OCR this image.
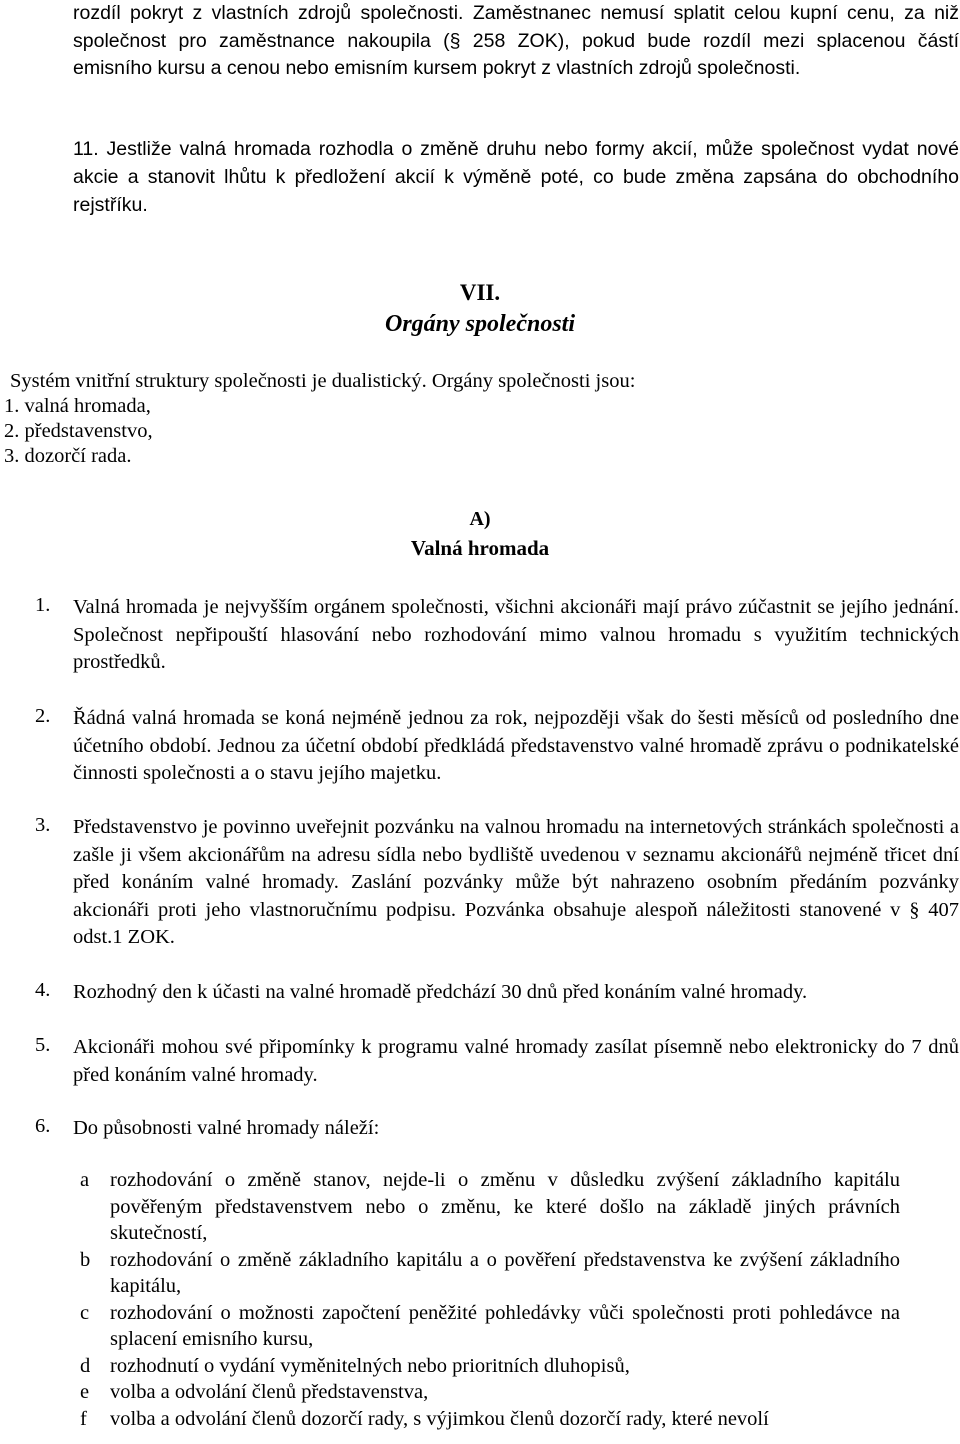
rozdíl pokryt z vlastních zdrojů společnosti. Zaměstnanec nemusí splatit celou kupní cenu, za niž společnost pro zaměstnance nakoupila (§ 258 ZOK), pokud bude rozdíl mezi splacenou částí emisního kursu a cenou nebo emisním kursem pokryt z vlastních zdrojů společnosti.
11. Jestliže valná hromada rozhodla o změně druhu nebo formy akcií, může společnost vydat nové akcie a stanovit lhůtu k předložení akcií k výměně poté, co bude změna zapsána do obchodního rejstříku.
VII.
Orgány společnosti
Systém vnitřní struktury společnosti je dualistický. Orgány společnosti jsou:
1. valná hromada,
2. představenstvo,
3. dozorčí rada.
A)
Valná hromada
1.	Valná hromada je nejvyšším orgánem společnosti, všichni akcionáři mají právo zúčastnit se jejího jednání. Společnost nepřipouští hlasování nebo rozhodování mimo valnou hromadu s využitím technických prostředků.
2.	Řádná valná hromada se koná nejméně jednou za rok, nejpozději však do šesti měsíců od posledního dne účetního období. Jednou za účetní období předkládá představenstvo valné hromadě zprávu o podnikatelské činnosti společnosti a o stavu jejího majetku.
3.	Představenstvo je povinno uveřejnit pozvánku na valnou hromadu na internetových stránkách společnosti a zašle ji všem akcionářům na adresu sídla nebo bydliště uvedenou v seznamu akcionářů nejméně třicet dní před konáním valné hromady. Zaslání pozvánky může být nahrazeno osobním předáním pozvánky akcionáři proti jeho vlastnoručnímu podpisu. Pozvánka obsahuje alespoň náležitosti stanovené v § 407 odst.1 ZOK.
4.	Rozhodný den k účasti na valné hromadě předchází 30 dnů před konáním valné hromady.
5.	Akcionáři mohou své připomínky k programu valné hromady zasílat písemně nebo elektronicky do 7 dnů před konáním valné hromady.
6.	Do působnosti valné hromady náleží:
a	rozhodování o změně stanov, nejde-li o změnu v důsledku zvýšení základního kapitálu pověřeným představenstvem nebo o změnu, ke které došlo na základě jiných právních skutečností,
b rozhodování o změně základního kapitálu a o pověření představenstva ke zvýšení základního kapitálu,
c	rozhodování o možnosti započtení peněžité pohledávky vůči společnosti proti pohledávce na splacení emisního kursu,
d rozhodnutí o vydání vyměnitelných nebo prioritních dluhopisů,
e	volba a odvolání členů představenstva,
f	volba a odvolání členů dozorčí rady, s výjimkou členů dozorčí rady, které nevolí
